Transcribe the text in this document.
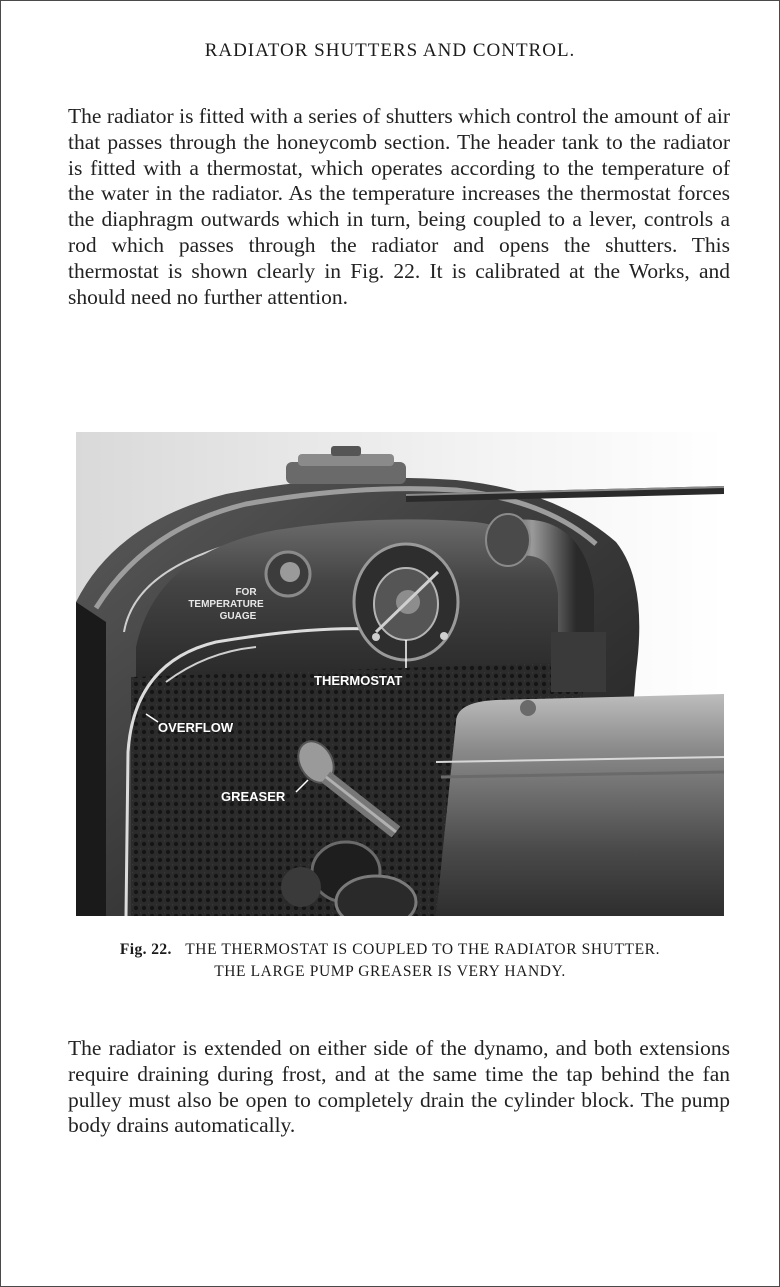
RADIATOR SHUTTERS AND CONTROL.

The radiator is fitted with a series of shutters which control the amount of air that passes through the honeycomb section. The header tank to the radiator is fitted with a thermostat, which operates according to the temperature of the water in the radiator. As the temperature increases the thermostat forces the diaphragm outwards which in turn, being coupled to a lever, controls a rod which passes through the radiator and opens the shutters. This thermostat is shown clearly in Fig. 22. It is calibrated at the Works, and should need no further attention.

FOR
TEMPERATURE
GUAGE
THERMOSTAT
OVERFLOW
GREASER
Fig. 22. THE THERMOSTAT IS COUPLED TO THE RADIATOR SHUTTER.
THE LARGE PUMP GREASER IS VERY HANDY.

The radiator is extended on either side of the dynamo, and both extensions require draining during frost, and at the same time the tap behind the fan pulley must also be open to completely drain the cylinder block. The pump body drains automatically.
